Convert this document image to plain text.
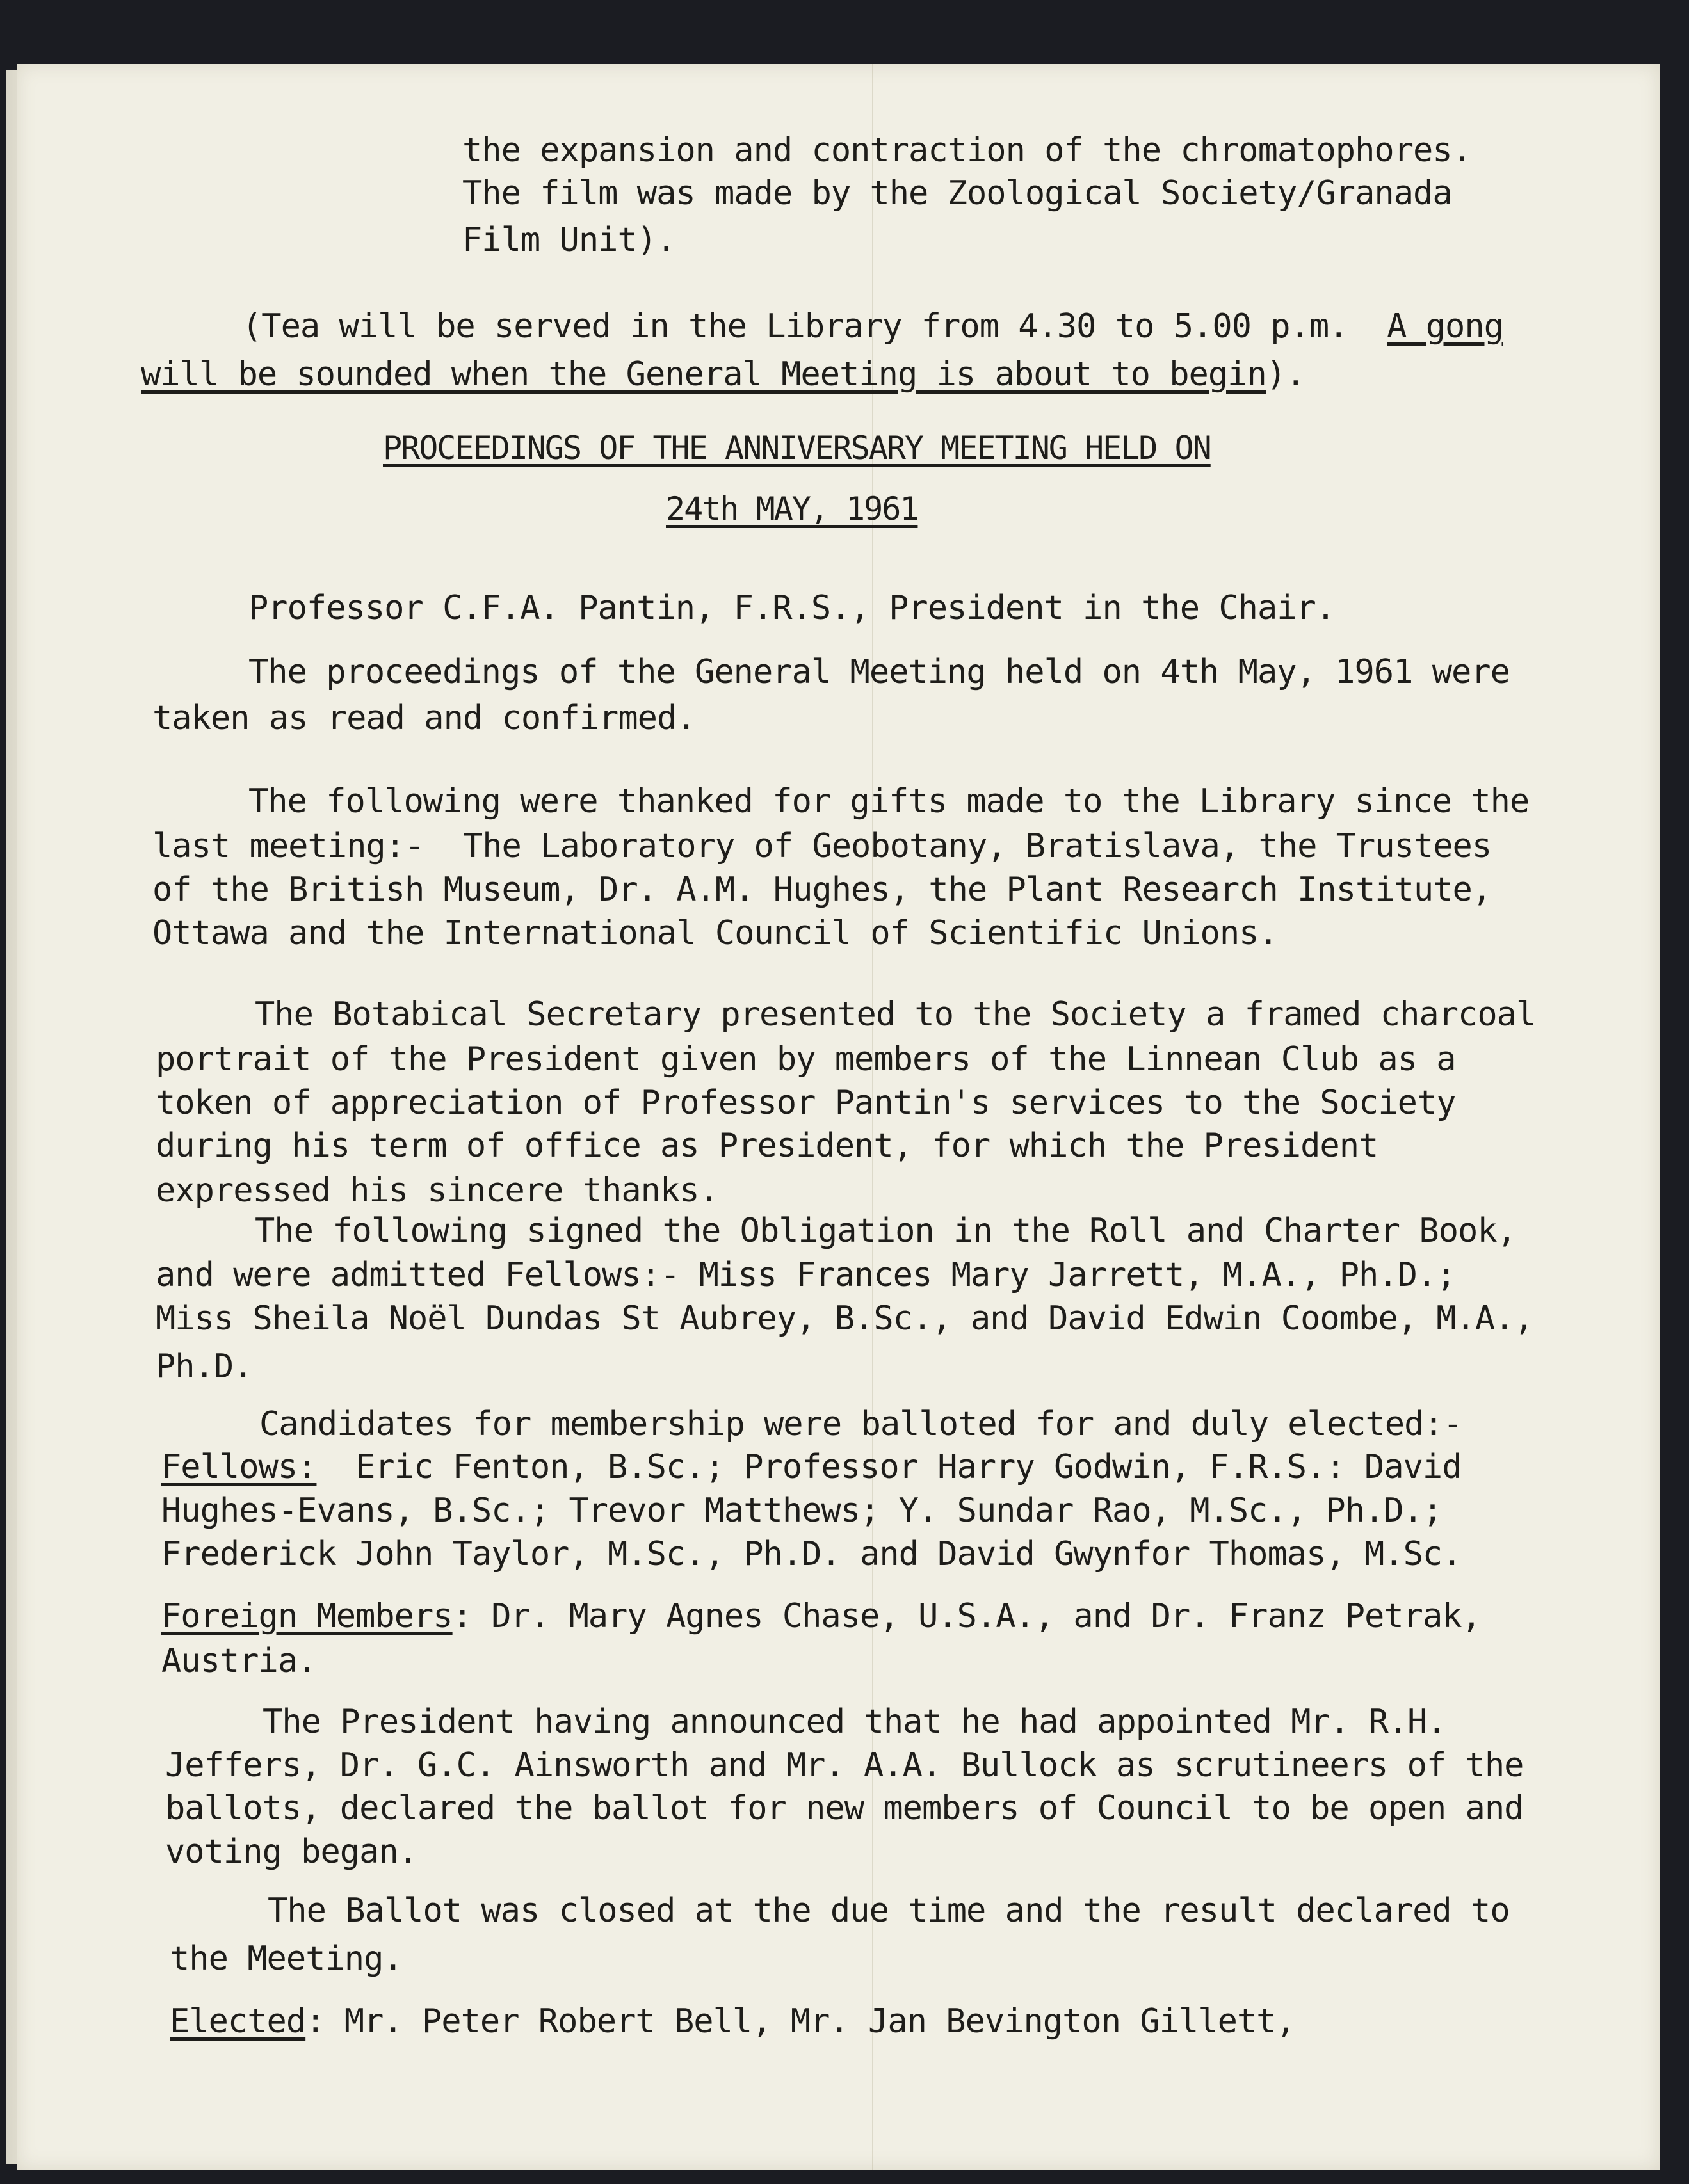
the expansion and contraction of the chromatophores.
The film was made by the Zoological Society/Granada
Film Unit).
(Tea will be served in the Library from 4.30 to 5.00 p.m.  A gong
will be sounded when the General Meeting is about to begin).
PROCEEDINGS OF THE ANNIVERSARY MEETING HELD ON
24th MAY, 1961
Professor C.F.A. Pantin, F.R.S., President in the Chair.
The proceedings of the General Meeting held on 4th May, 1961 were
taken as read and confirmed.
The following were thanked for gifts made to the Library since the
last meeting:-  The Laboratory of Geobotany, Bratislava, the Trustees
of the British Museum, Dr. A.M. Hughes, the Plant Research Institute,
Ottawa and the International Council of Scientific Unions.
The Botabical Secretary presented to the Society a framed charcoal
portrait of the President given by members of the Linnean Club as a
token of appreciation of Professor Pantin's services to the Society
during his term of office as President, for which the President
expressed his sincere thanks.
The following signed the Obligation in the Roll and Charter Book,
and were admitted Fellows:- Miss Frances Mary Jarrett, M.A., Ph.D.;
Miss Sheila Noël Dundas St Aubrey, B.Sc., and David Edwin Coombe, M.A.,
Ph.D.
Candidates for membership were balloted for and duly elected:-
Fellows:  Eric Fenton, B.Sc.; Professor Harry Godwin, F.R.S.: David
Hughes-Evans, B.Sc.; Trevor Matthews; Y. Sundar Rao, M.Sc., Ph.D.;
Frederick John Taylor, M.Sc., Ph.D. and David Gwynfor Thomas, M.Sc.
Foreign Members: Dr. Mary Agnes Chase, U.S.A., and Dr. Franz Petrak,
Austria.
The President having announced that he had appointed Mr. R.H.
Jeffers, Dr. G.C. Ainsworth and Mr. A.A. Bullock as scrutineers of the
ballots, declared the ballot for new members of Council to be open and
voting began.
The Ballot was closed at the due time and the result declared to
the Meeting.
Elected: Mr. Peter Robert Bell, Mr. Jan Bevington Gillett,
